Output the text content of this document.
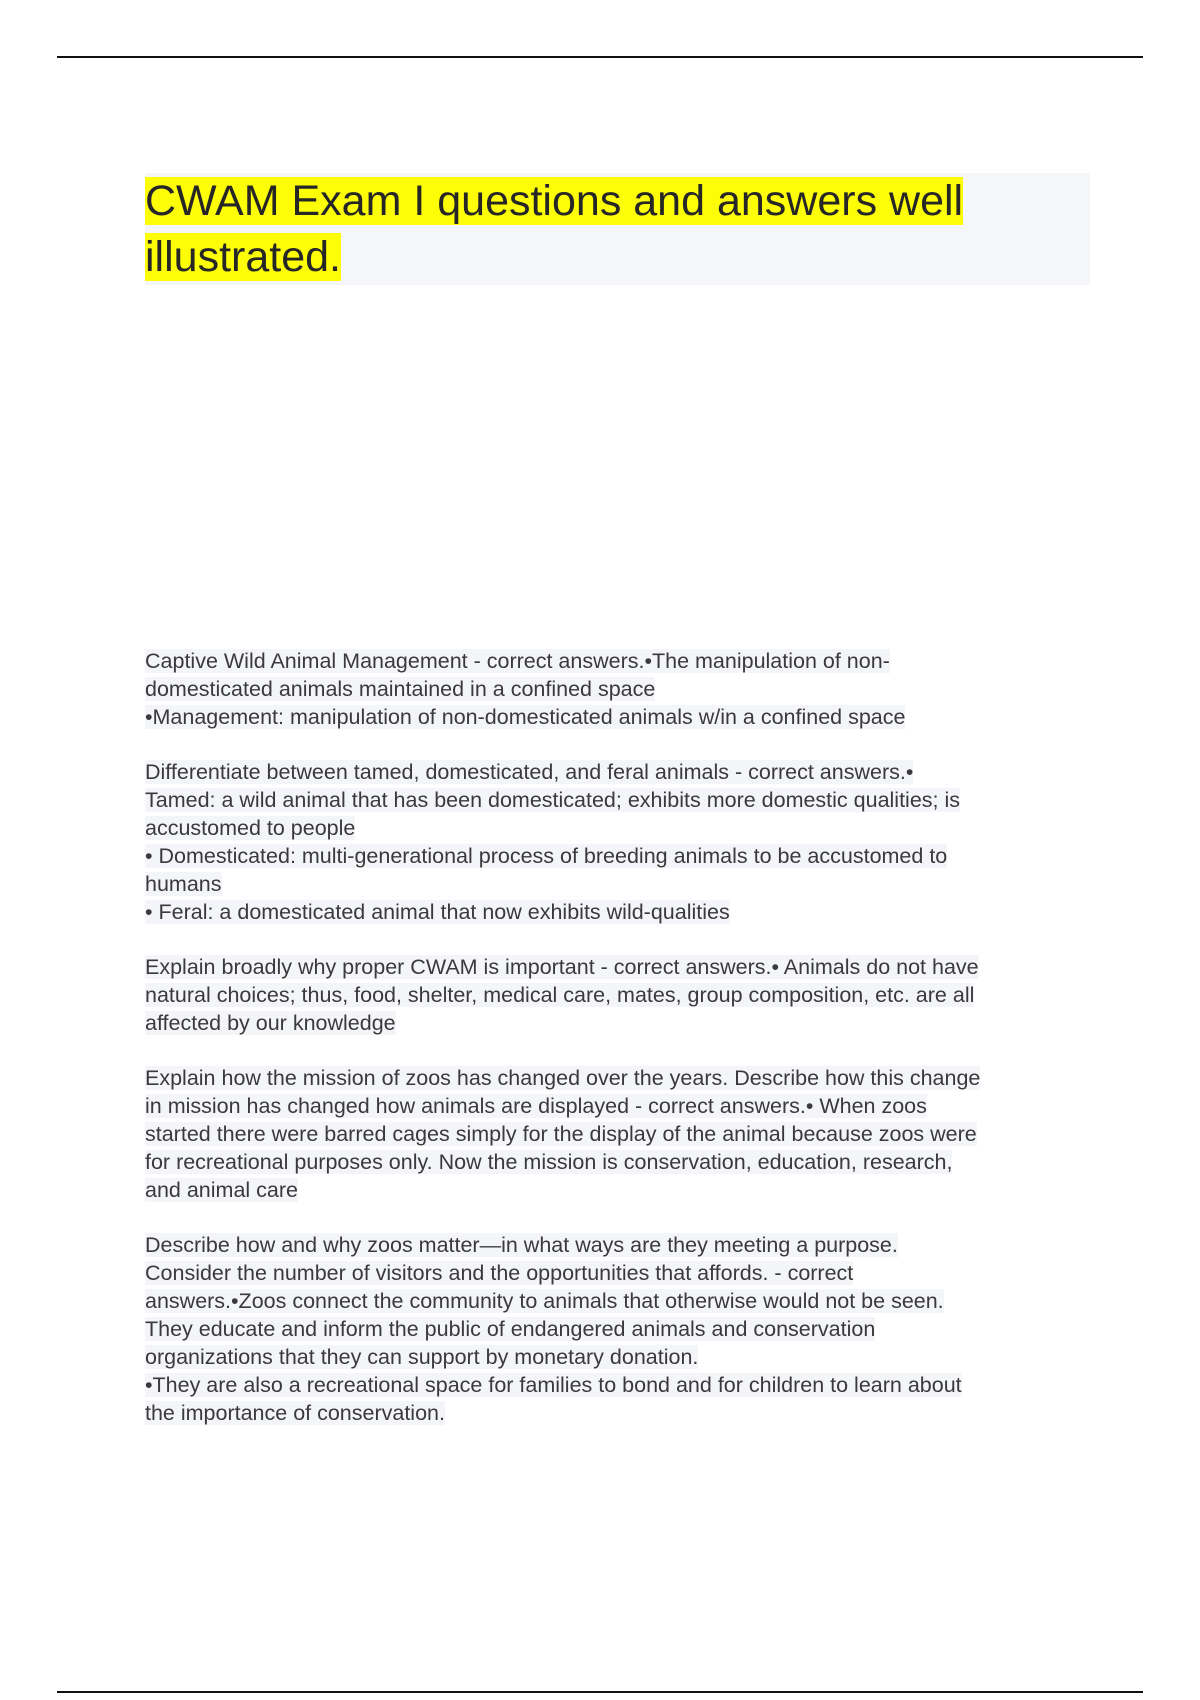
CWAM Exam I questions and answers well illustrated.

Captive Wild Animal Management - correct answers.•The manipulation of non-

domesticated animals maintained in a confined space

•Management: manipulation of non-domesticated animals w/in a confined space

Differentiate between tamed, domesticated, and feral animals - correct answers.•

Tamed: a wild animal that has been domesticated; exhibits more domestic qualities; is

accustomed to people

• Domesticated: multi-generational process of breeding animals to be accustomed to

humans

• Feral: a domesticated animal that now exhibits wild-qualities

Explain broadly why proper CWAM is important - correct answers.• Animals do not have

natural choices; thus, food, shelter, medical care, mates, group composition, etc. are all

affected by our knowledge

Explain how the mission of zoos has changed over the years. Describe how this change

in mission has changed how animals are displayed - correct answers.• When zoos

started there were barred cages simply for the display of the animal because zoos were

for recreational purposes only. Now the mission is conservation, education, research,

and animal care

Describe how and why zoos matter—in what ways are they meeting a purpose.

Consider the number of visitors and the opportunities that affords. - correct

answers.•Zoos connect the community to animals that otherwise would not be seen.

They educate and inform the public of endangered animals and conservation

organizations that they can support by monetary donation.

•They are also a recreational space for families to bond and for children to learn about

the importance of conservation.
